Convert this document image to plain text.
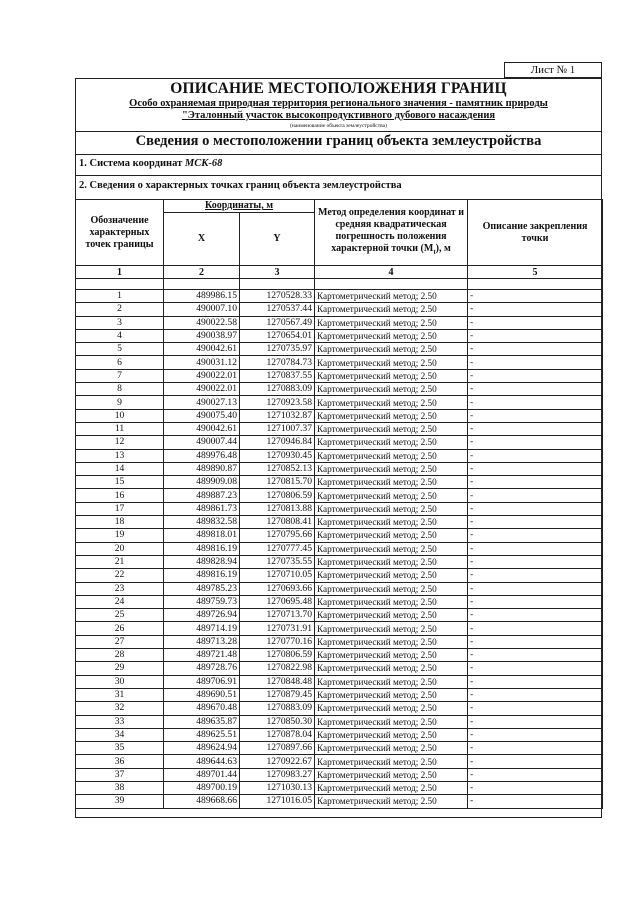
Лист № 1
ОПИСАНИЕ МЕСТОПОЛОЖЕНИЯ ГРАНИЦ
Особо охраняемая природная территория регионального значения - памятник природы
"Эталонный участок высокопродуктивного дубового насаждения
(наименование объекта землеустройства)
Сведения о местоположении границ объекта землеустройства
1. Система координат МСК-68
2. Сведения о характерных точках границ объекта землеустройства
Обозначение характерных точек границы	Координаты, м		Метод определения координат и средняя квадратическая погрешность положения характерной точки $(М_t)$, м	Описание закрепления точки
	X	Y		
1	2	3	4	5

1	489986.15	1270528.33	Картометрический метод; 2.50	-
2	490007.10	1270537.44	Картометрический метод; 2.50	-
3	490022.58	1270567.49	Картометрический метод; 2.50	-
4	490038.97	1270654.01	Картометрический метод; 2.50	-
5	490042.61	1270735.97	Картометрический метод; 2.50	-
6	490031.12	1270784.73	Картометрический метод; 2.50	-
7	490022.01	1270837.55	Картометрический метод; 2.50	-
8	490022.01	1270883.09	Картометрический метод; 2.50	-
9	490027.13	1270923.58	Картометрический метод; 2.50	-
10	490075.40	1271032.87	Картометрический метод; 2.50	-
11	490042.61	1271007.37	Картометрический метод; 2.50	-
12	490007.44	1270946.84	Картометрический метод; 2.50	-
13	489976.48	1270930.45	Картометрический метод; 2.50	-
14	489890.87	1270852.13	Картометрический метод; 2.50	-
15	489909.08	1270815.70	Картометрический метод; 2.50	-
16	489887.23	1270806.59	Картометрический метод; 2.50	-
17	489861.73	1270813.88	Картометрический метод; 2.50	-
18	489832.58	1270808.41	Картометрический метод; 2.50	-
19	489818.01	1270795.66	Картометрический метод; 2.50	-
20	489816.19	1270777.45	Картометрический метод; 2.50	-
21	489828.94	1270735.55	Картометрический метод; 2.50	-
22	489816.19	1270710.05	Картометрический метод; 2.50	-
23	489785.23	1270693.66	Картометрический метод; 2.50	-
24	489759.73	1270695.48	Картометрический метод; 2.50	-
25	489726.94	1270713.70	Картометрический метод; 2.50	-
26	489714.19	1270731.91	Картометрический метод; 2.50	-
27	489713.28	1270770.16	Картометрический метод; 2.50	-
28	489721.48	1270806.59	Картометрический метод; 2.50	-
29	489728.76	1270822.98	Картометрический метод; 2.50	-
30	489706.91	1270848.48	Картометрический метод; 2.50	-
31	489690.51	1270879.45	Картометрический метод; 2.50	-
32	489670.48	1270883.09	Картометрический метод; 2.50	-
33	489635.87	1270850.30	Картометрический метод; 2.50	-
34	489625.51	1270878.04	Картометрический метод; 2.50	-
35	489624.94	1270897.66	Картометрический метод; 2.50	-
36	489644.63	1270922.67	Картометрический метод; 2.50	-
37	489701.44	1270983.27	Картометрический метод; 2.50	-
38	489700.19	1271030.13	Картометрический метод; 2.50	-
39	489668.66	1271016.05	Картометрический метод; 2.50	-
